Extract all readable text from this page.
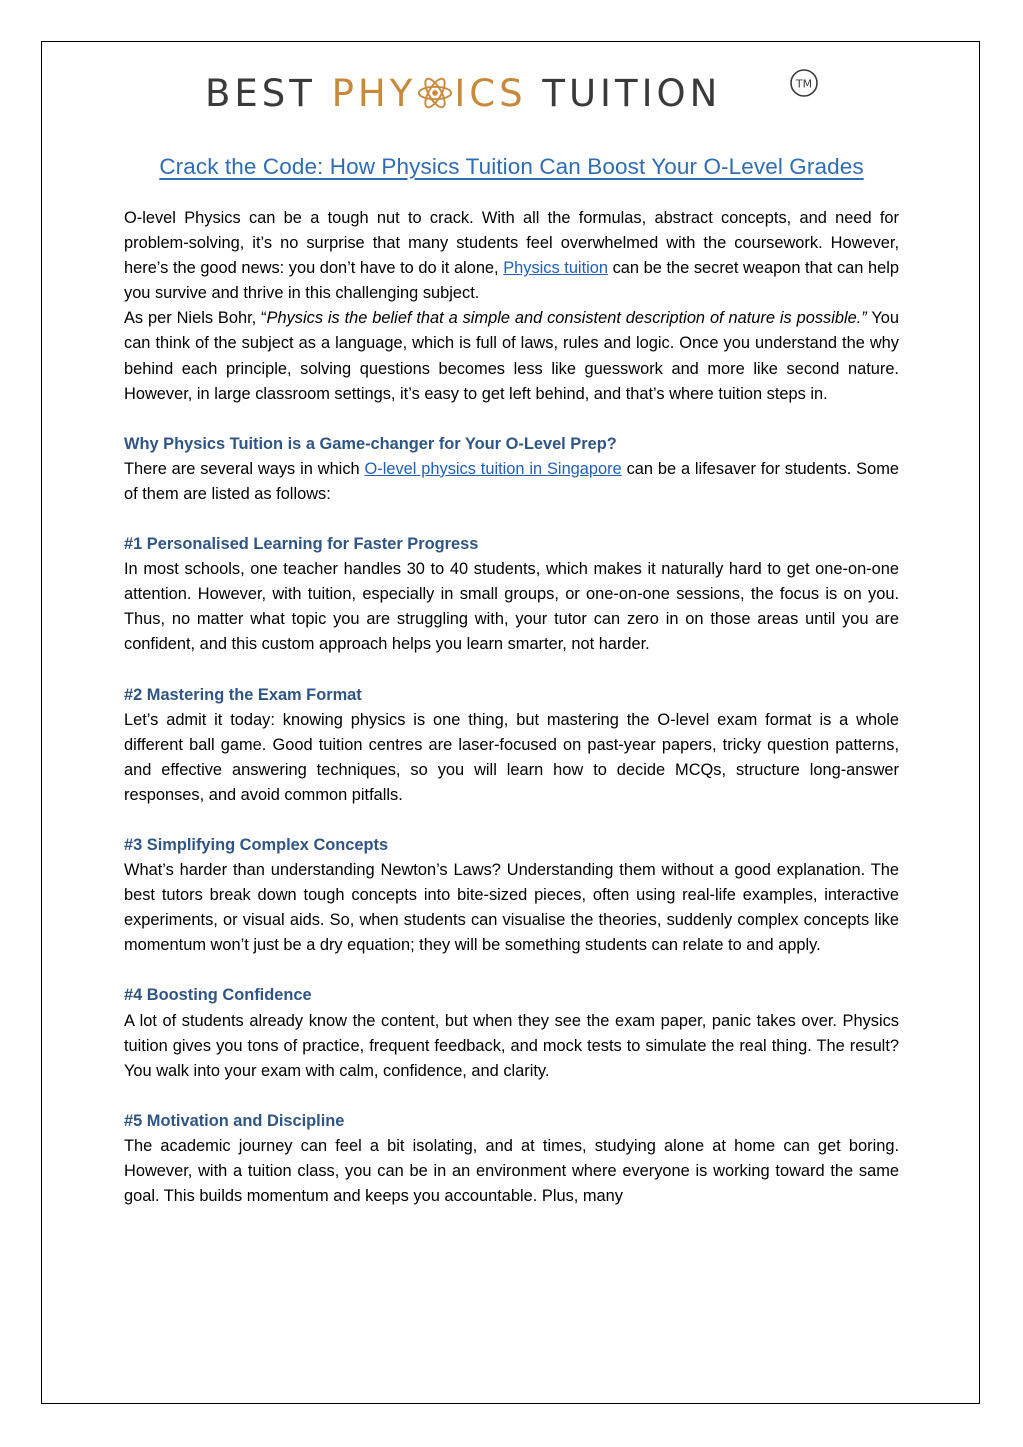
BEST PHY ICS TUITION	TM
Crack the Code: How Physics Tuition Can Boost Your O-Level Grades

O-level Physics can be a tough nut to crack. With all the formulas, abstract concepts, and need for problem-solving, it’s no surprise that many students feel overwhelmed with the coursework. However, here’s the good news: you don’t have to do it alone, Physics tuition can be the secret weapon that can help you survive and thrive in this challenging subject.

As per Niels Bohr, “Physics is the belief that a simple and consistent description of nature is possible.” You can think of the subject as a language, which is full of laws, rules and logic. Once you understand the why behind each principle, solving questions becomes less like guesswork and more like second nature. However, in large classroom settings, it’s easy to get left behind, and that’s where tuition steps in.

Why Physics Tuition is a Game-changer for Your O-Level Prep?

There are several ways in which O-level physics tuition in Singapore can be a lifesaver for students. Some of them are listed as follows:

#1 Personalised Learning for Faster Progress

In most schools, one teacher handles 30 to 40 students, which makes it naturally hard to get one-on-one attention. However, with tuition, especially in small groups, or one-on-one sessions, the focus is on you. Thus, no matter what topic you are struggling with, your tutor can zero in on those areas until you are confident, and this custom approach helps you learn smarter, not harder.

#2 Mastering the Exam Format

Let’s admit it today: knowing physics is one thing, but mastering the O-level exam format is a whole different ball game. Good tuition centres are laser-focused on past-year papers, tricky question patterns, and effective answering techniques, so you will learn how to decide MCQs, structure long-answer responses, and avoid common pitfalls.

#3 Simplifying Complex Concepts

What’s harder than understanding Newton’s Laws? Understanding them without a good explanation. The best tutors break down tough concepts into bite-sized pieces, often using real-life examples, interactive experiments, or visual aids. So, when students can visualise the theories, suddenly complex concepts like momentum won’t just be a dry equation; they will be something students can relate to and apply.

#4 Boosting Confidence

A lot of students already know the content, but when they see the exam paper, panic takes over. Physics tuition gives you tons of practice, frequent feedback, and mock tests to simulate the real thing. The result? You walk into your exam with calm, confidence, and clarity.

#5 Motivation and Discipline

The academic journey can feel a bit isolating, and at times, studying alone at home can get boring. However, with a tuition class, you can be in an environment where everyone is working toward the same goal. This builds momentum and keeps you accountable. Plus, many
